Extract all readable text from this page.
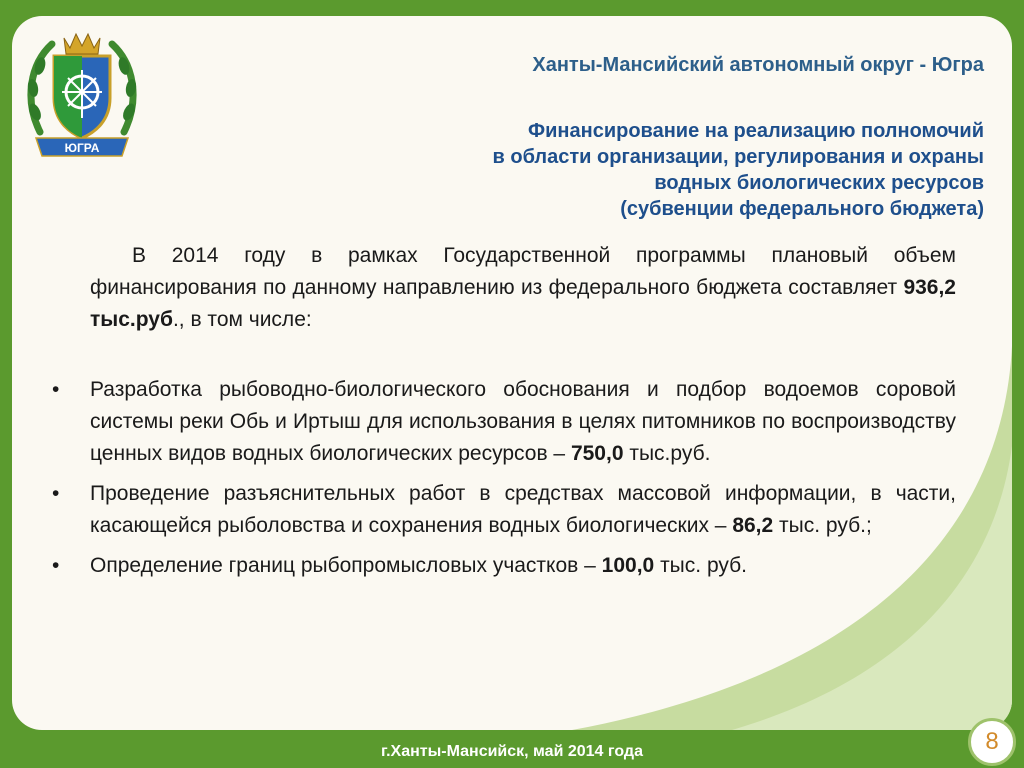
ЮГРА
Ханты-Мансийский автономный округ - Югра
Финансирование на реализацию полномочий
в области организации, регулирования и охраны
водных биологических ресурсов
(субвенции федерального бюджета)

В 2014 году в рамках Государственной программы плановый объем финансирования по данному направлению из федерального бюджета составляет 936,2 тыс.руб., в том числе:

• Разработка рыбоводно-биологического обоснования и подбор водоемов соровой системы реки Обь и Иртыш для использования в целях питомников по воспроизводству ценных видов водных биологических ресурсов – 750,0 тыс.руб.
• Проведение разъяснительных работ в средствах массовой информации, в части, касающейся рыболовства и сохранения водных биологических – 86,2 тыс. руб.;
• Определение границ рыбопромысловых участков – 100,0 тыс. руб.
г.Ханты-Мансийск, май 2014 года	8
